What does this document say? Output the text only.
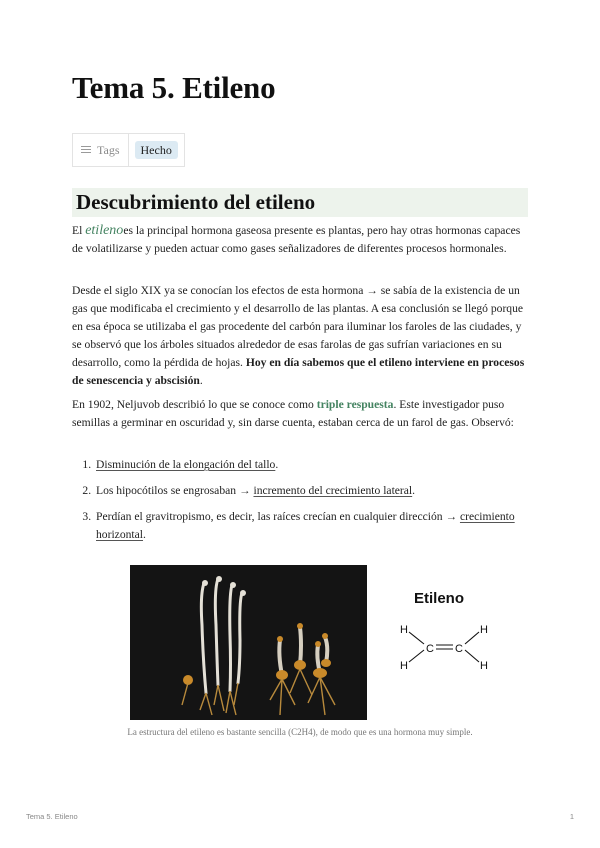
Tema 5. Etileno
Tags	Hecho
Descubrimiento del etileno

El etilenoes la principal hormona gaseosa presente es plantas, pero hay otras hormonas capaces de volatilizarse y pueden actuar como gases señalizadores de diferentes procesos hormonales.

Desde el siglo XIX ya se conocían los efectos de esta hormona → se sabía de la existencia de un gas que modificaba el crecimiento y el desarrollo de las plantas. A esa conclusión se llegó porque en esa época se utilizaba el gas procedente del carbón para iluminar los faroles de las ciudades, y se observó que los árboles situados alrededor de esas farolas de gas sufrían variaciones en su desarrollo, como la pérdida de hojas. Hoy en día sabemos que el etileno interviene en procesos de senescencia y abscisión.

En 1902, Neljuvob describió lo que se conoce como triple respuesta. Este investigador puso semillas a germinar en oscuridad y, sin darse cuenta, estaban cerca de un farol de gas. Observó:

1. Disminución de la elongación del tallo.
2. Los hipocótilos se engrosaban → incremento del crecimiento lateral.
3. Perdían el gravitropismo, es decir, las raíces crecían en cualquier dirección → crecimiento horizontal.
Etileno
H
H
C C
H
H
La estructura del etileno es bastante sencilla (C2H4), de modo que es una hormona muy simple.
Tema 5. Etileno	1
